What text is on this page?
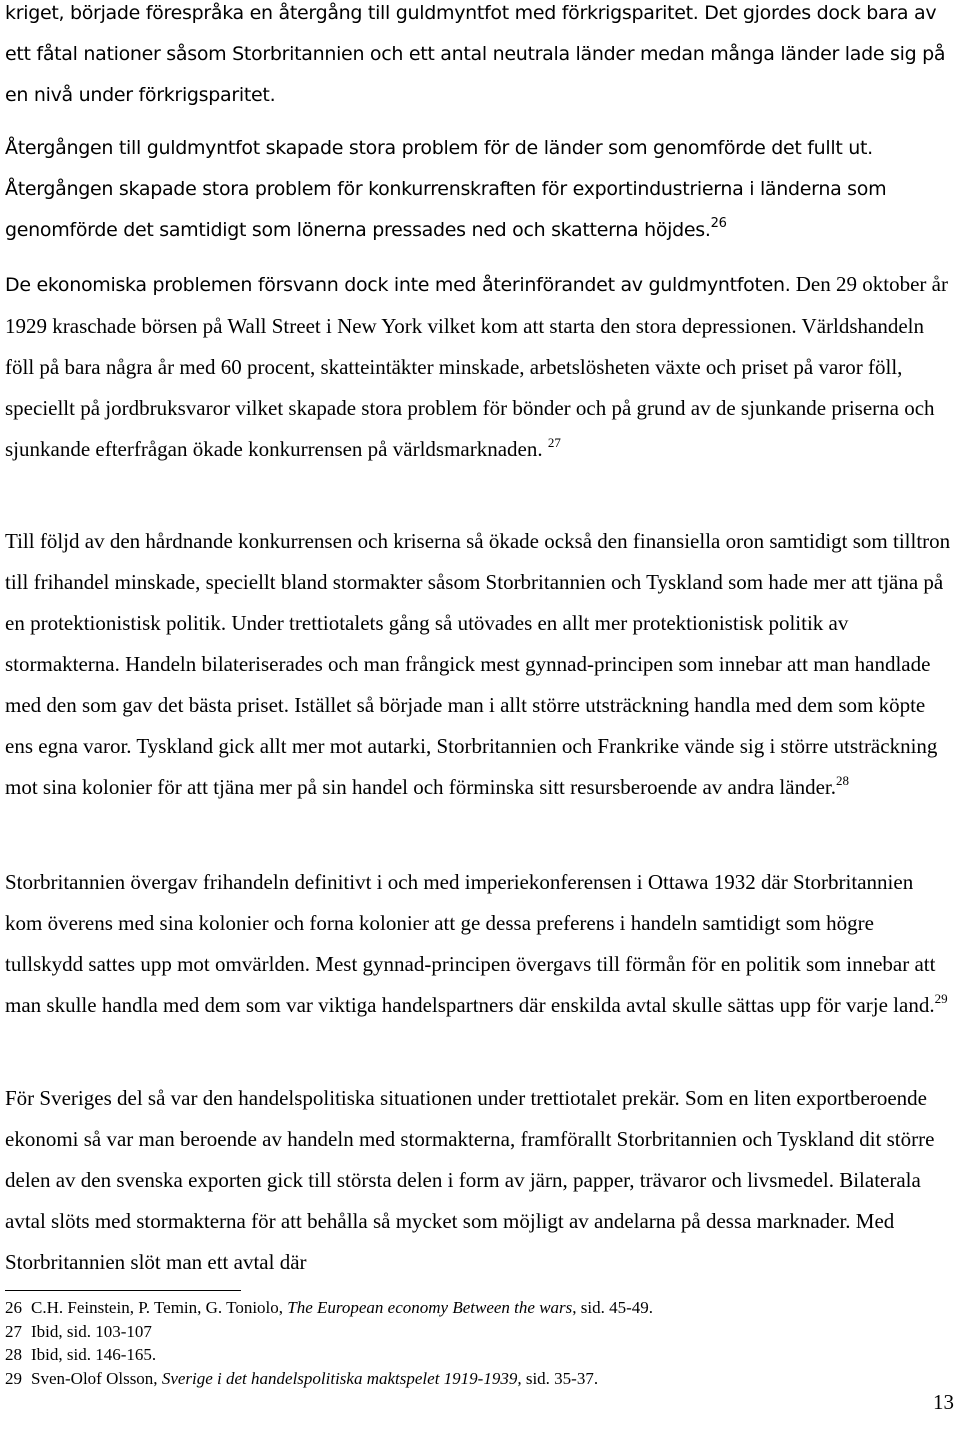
kriget, började förespråka en återgång till guldmyntfot med förkrigsparitet. Det gjordes dock bara av ett fåtal nationer såsom Storbritannien och ett antal neutrala länder medan många länder lade sig på en nivå under förkrigsparitet.

Återgången till guldmyntfot skapade stora problem för de länder som genomförde det fullt ut.

Återgången skapade stora problem för konkurrenskraften för exportindustrierna i länderna som genomförde det samtidigt som lönerna pressades ned och skatterna höjdes.$^{26}$

De ekonomiska problemen försvann dock inte med återinförandet av guldmyntfoten. Den 29 oktober år 1929 kraschade börsen på Wall Street i New York vilket kom att starta den stora depressionen. Världshandeln föll på bara några år med 60 procent, skatteintäkter minskade, arbetslösheten växte och priset på varor föll, speciellt på jordbruksvaror vilket skapade stora problem för bönder och på grund av de sjunkande priserna och sjunkande efterfrågan ökade konkurrensen på världsmarknaden. $^{27}$

Till följd av den hårdnande konkurrensen och kriserna så ökade också den finansiella oron samtidigt som tilltron till frihandel minskade, speciellt bland stormakter såsom Storbritannien och Tyskland som hade mer att tjäna på en protektionistisk politik. Under trettiotalets gång så utövades en allt mer protektionistisk politik av stormakterna. Handeln bilateriserades och man frångick mest gynnad-principen som innebar att man handlade med den som gav det bästa priset. Istället så började man i allt större utsträckning handla med dem som köpte ens egna varor. Tyskland gick allt mer mot autarki, Storbritannien och Frankrike vände sig i större utsträckning mot sina kolonier för att tjäna mer på sin handel och förminska sitt resursberoende av andra länder.$^{28}$

Storbritannien övergav frihandeln definitivt i och med imperiekonferensen i Ottawa 1932 där Storbritannien kom överens med sina kolonier och forna kolonier att ge dessa preferens i handeln samtidigt som högre tullskydd sattes upp mot omvärlden. Mest gynnad-principen övergavs till förmån för en politik som innebar att man skulle handla med dem som var viktiga handelspartners där enskilda avtal skulle sättas upp för varje land.$^{29}$

För Sveriges del så var den handelspolitiska situationen under trettiotalet prekär. Som en liten exportberoende ekonomi så var man beroende av handeln med stormakterna, framförallt Storbritannien och Tyskland dit större delen av den svenska exporten gick till största delen i form av järn, papper, trävaror och livsmedel. Bilaterala avtal slöts med stormakterna för att behålla så mycket som möjligt av andelarna på dessa marknader. Med Storbritannien slöt man ett avtal där

26 C.H. Feinstein, P. Temin, G. Toniolo, The European economy Between the wars, sid. 45-49.
27 Ibid, sid. 103-107
28 Ibid, sid. 146-165.
29 Sven-Olof Olsson, Sverige i det handelspolitiska maktspelet 1919-1939, sid. 35-37.
13
